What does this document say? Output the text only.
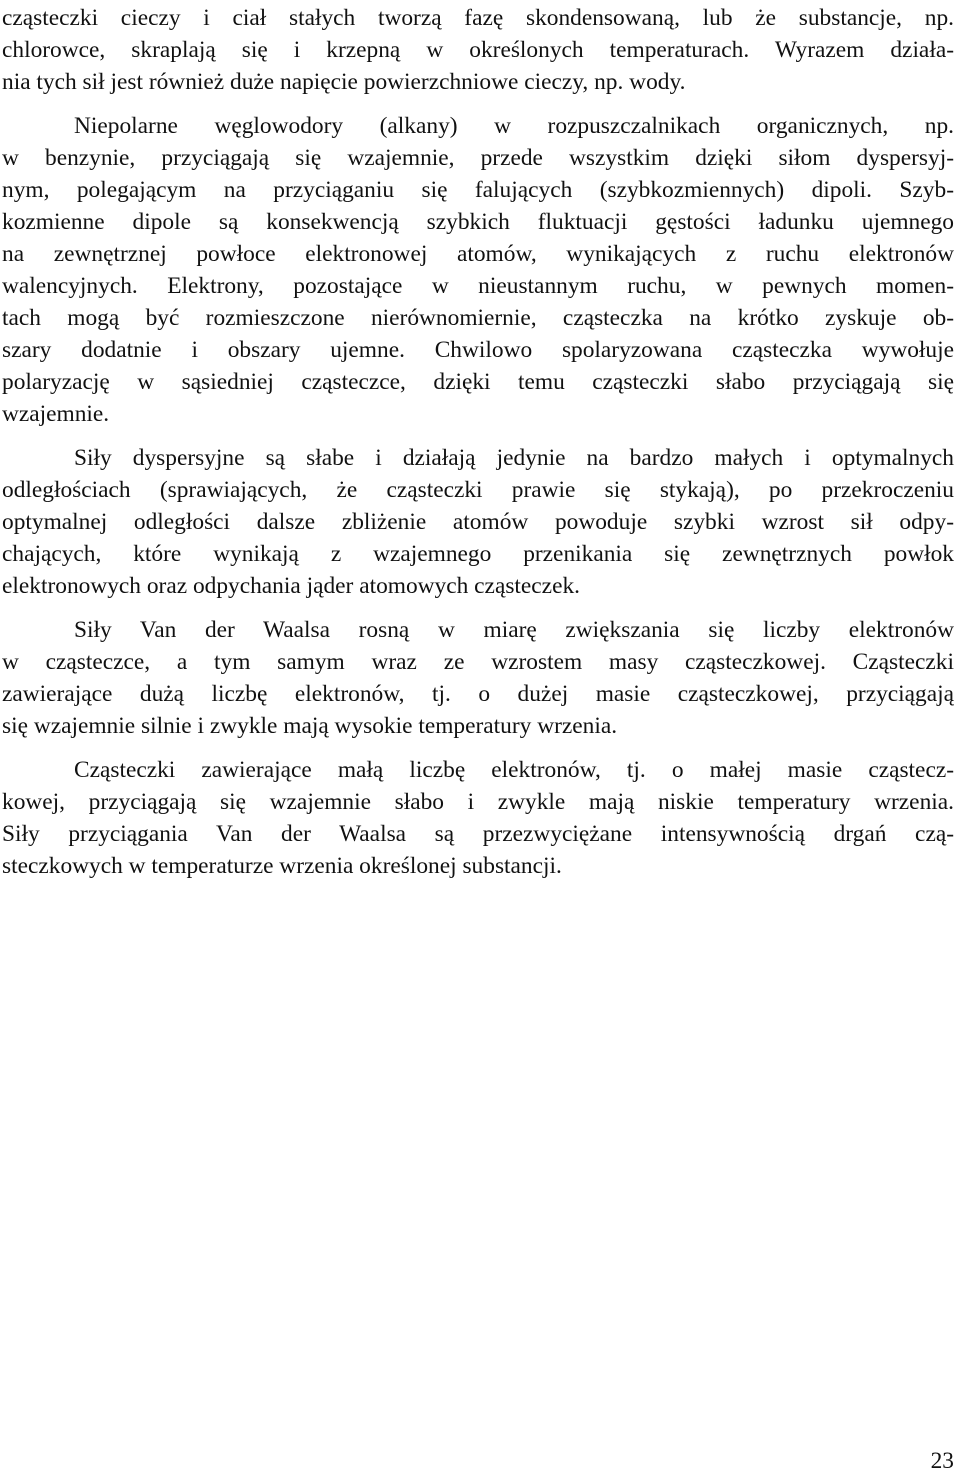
cząsteczki cieczy i ciał stałych tworzą fazę skondensowaną, lub że substancje, np.
chlorowce, skraplają się i krzepną w określonych temperaturach. Wyrazem działa-
nia tych sił jest również duże napięcie powierzchniowe cieczy, np. wody.
Niepolarne węglowodory (alkany) w rozpuszczalnikach organicznych, np.
w benzynie, przyciągają się wzajemnie, przede wszystkim dzięki siłom dyspersyj-
nym, polegającym na przyciąganiu się falujących (szybkozmiennych) dipoli. Szyb-
kozmienne dipole są konsekwencją szybkich fluktuacji gęstości ładunku ujemnego
na zewnętrznej powłoce elektronowej atomów, wynikających z ruchu elektronów
walencyjnych. Elektrony, pozostające w nieustannym ruchu, w pewnych momen-
tach mogą być rozmieszczone nierównomiernie, cząsteczka na krótko zyskuje ob-
szary dodatnie i obszary ujemne. Chwilowo spolaryzowana cząsteczka wywołuje
polaryzację w sąsiedniej cząsteczce, dzięki temu cząsteczki słabo przyciągają się
wzajemnie.
Siły dyspersyjne są słabe i działają jedynie na bardzo małych i optymalnych
odległościach (sprawiających, że cząsteczki prawie się stykają), po przekroczeniu
optymalnej odległości dalsze zbliżenie atomów powoduje szybki wzrost sił odpy-
chających, które wynikają z wzajemnego przenikania się zewnętrznych powłok
elektronowych oraz odpychania jąder atomowych cząsteczek.
Siły Van der Waalsa rosną w miarę zwiększania się liczby elektronów
w cząsteczce, a tym samym wraz ze wzrostem masy cząsteczkowej. Cząsteczki
zawierające dużą liczbę elektronów, tj. o dużej masie cząsteczkowej, przyciągają
się wzajemnie silnie i zwykle mają wysokie temperatury wrzenia.
Cząsteczki zawierające małą liczbę elektronów, tj. o małej masie cząstecz-
kowej, przyciągają się wzajemnie słabo i zwykle mają niskie temperatury wrzenia.
Siły przyciągania Van der Waalsa są przezwyciężane intensywnością drgań czą-
steczkowych w temperaturze wrzenia określonej substancji.
23
